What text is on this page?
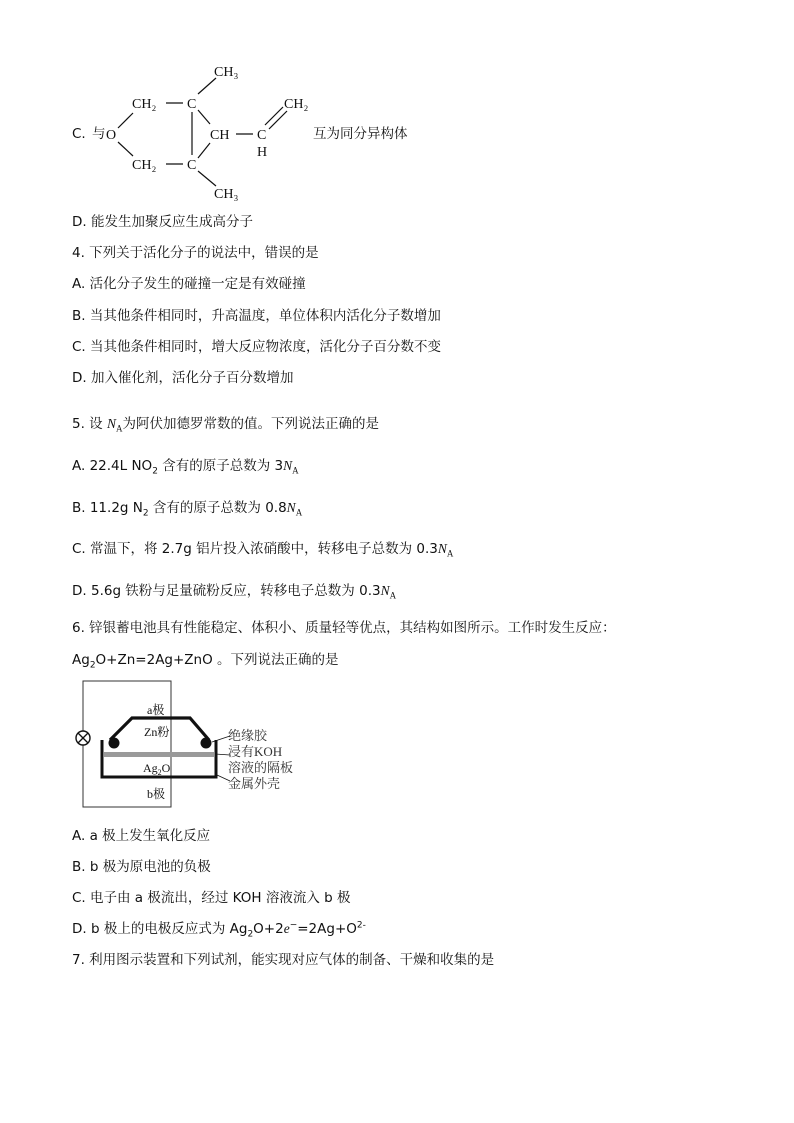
C. 与 O
CH₂
CH₂
C
C
CH₃
CH₃
CH C
H
CH₂
互为同分异构体
D. 能发生加聚反应生成高分子
4. 下列关于活化分子的说法中，错误的是
A. 活化分子发生的碰撞一定是有效碰撞
B. 当其他条件相同时，升高温度，单位体积内活化分子数增加
C. 当其他条件相同时，增大反应物浓度，活化分子百分数不变
D. 加入催化剂，活化分子百分数增加
5. 设 $N_A$为阿伏加德罗常数的值。下列说法正确的是
A. 22.4L $NO_2$ 含有的原子总数为 $3N_A$
B. 11.2g $N_2$ 含有的原子总数为 $0.8N_A$
C. 常温下，将 2.7g 铝片投入浓硝酸中，转移电子总数为 $0.3N_A$
D. 5.6g 铁粉与足量硫粉反应，转移电子总数为 $0.3N_A$
6. 锌银蓄电池具有性能稳定、体积小、质量轻等优点，其结构如图所示。工作时发生反应：
$Ag_2O+Zn=2Ag+ZnO$ 。下列说法正确的是
a极
Zn粉
$Ag_2O$
b极
绝缘胶
浸有KOH
溶液的隔板
金属外壳
A. a 极上发生氧化反应
B. b 极为原电池的负极
C. 电子由 a 极流出，经过 KOH 溶液流入 b 极
D. b 极上的电极反应式为 $Ag_2O+2e^-=2Ag+O^{2-}$
7. 利用图示装置和下列试剂，能实现对应气体的制备、干燥和收集的是
